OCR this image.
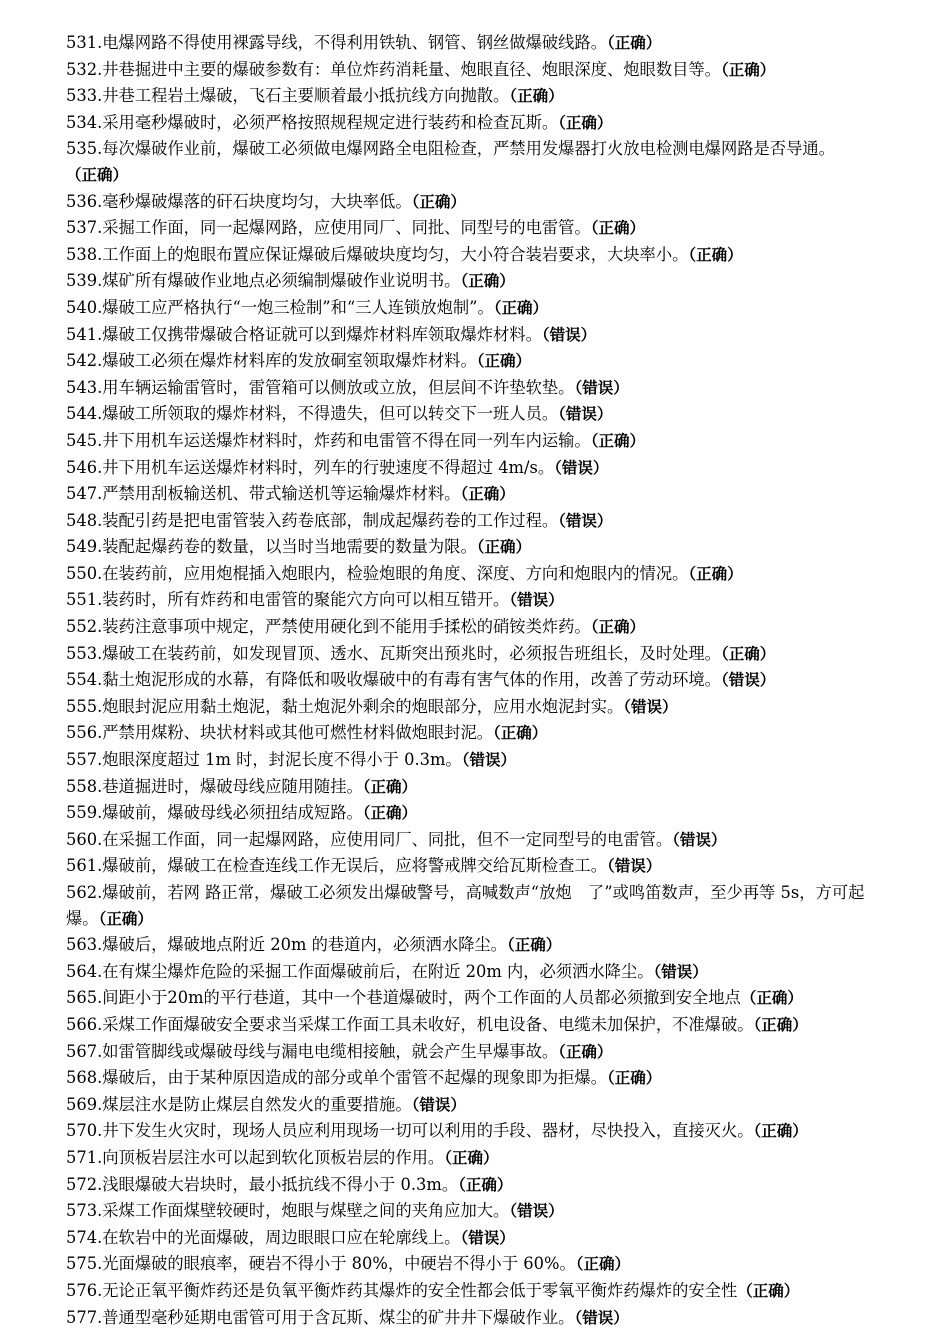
531.电爆网路不得使用裸露导线，不得利用铁轨、钢管、钢丝做爆破线路。（正确）
532.井巷掘进中主要的爆破参数有：单位炸药消耗量、炮眼直径、炮眼深度、炮眼数目等。（正确）
533.井巷工程岩土爆破，飞石主要顺着最小抵抗线方向抛散。（正确）
534.采用毫秒爆破时，必须严格按照规程规定进行装药和检查瓦斯。（正确）
535.每次爆破作业前，爆破工必须做电爆网路全电阻检查，严禁用发爆器打火放电检测电爆网路是否导通。（正确）
536.毫秒爆破爆落的矸石块度均匀，大块率低。（正确）
537.采掘工作面，同一起爆网路，应使用同厂、同批、同型号的电雷管。（正确）
538.工作面上的炮眼布置应保证爆破后爆破块度均匀，大小符合装岩要求，大块率小。（正确）
539.煤矿所有爆破作业地点必须编制爆破作业说明书。（正确）
540.爆破工应严格执行“一炮三检制”和“三人连锁放炮制”。（正确）
541.爆破工仅携带爆破合格证就可以到爆炸材料库领取爆炸材料。（错误）
542.爆破工必须在爆炸材料库的发放硐室领取爆炸材料。（正确）
543.用车辆运输雷管时，雷管箱可以侧放或立放，但层间不许垫软垫。（错误）
544.爆破工所领取的爆炸材料，不得遗失，但可以转交下一班人员。（错误）
545.井下用机车运送爆炸材料时，炸药和电雷管不得在同一列车内运输。（正确）
546.井下用机车运送爆炸材料时，列车的行驶速度不得超过 4m/s。（错误）
547.严禁用刮板输送机、带式输送机等运输爆炸材料。（正确）
548.装配引药是把电雷管装入药卷底部，制成起爆药卷的工作过程。（错误）
549.装配起爆药卷的数量，以当时当地需要的数量为限。（正确）
550.在装药前，应用炮棍插入炮眼内，检验炮眼的角度、深度、方向和炮眼内的情况。（正确）
551.装药时，所有炸药和电雷管的聚能穴方向可以相互错开。（错误）
552.装药注意事项中规定，严禁使用硬化到不能用手揉松的硝铵类炸药。（正确）
553.爆破工在装药前，如发现冒顶、透水、瓦斯突出预兆时，必须报告班组长，及时处理。（正确）
554.黏土炮泥形成的水幕，有降低和吸收爆破中的有毒有害气体的作用，改善了劳动环境。（错误）
555.炮眼封泥应用黏土炮泥，黏土炮泥外剩余的炮眼部分，应用水炮泥封实。（错误）
556.严禁用煤粉、块状材料或其他可燃性材料做炮眼封泥。（正确）
557.炮眼深度超过 1m 时，封泥长度不得小于 0.3m。（错误）
558.巷道掘进时，爆破母线应随用随挂。（正确）
559.爆破前，爆破母线必须扭结成短路。（正确）
560.在采掘工作面，同一起爆网路，应使用同厂、同批，但不一定同型号的电雷管。（错误）
561.爆破前，爆破工在检查连线工作无误后，应将警戒牌交给瓦斯检查工。（错误）
562.爆破前，若网 路正常，爆破工必须发出爆破警号，高喊数声“放炮　了”或鸣笛数声，至少再等 5s，方可起爆。（正确）
563.爆破后，爆破地点附近 20m 的巷道内，必须洒水降尘。（正确）
564.在有煤尘爆炸危险的采掘工作面爆破前后，在附近 20m 内，必须洒水降尘。（错误）
565.间距小于20m的平行巷道，其中一个巷道爆破时，两个工作面的人员都必须撤到安全地点（正确）
566.采煤工作面爆破安全要求当采煤工作面工具未收好，机电设备、电缆未加保护，不准爆破。（正确）
567.如雷管脚线或爆破母线与漏电电缆相接触，就会产生早爆事故。（正确）
568.爆破后，由于某种原因造成的部分或单个雷管不起爆的现象即为拒爆。（正确）
569.煤层注水是防止煤层自然发火的重要措施。（错误）
570.井下发生火灾时，现场人员应利用现场一切可以利用的手段、器材，尽快投入，直接灭火。（正确）
571.向顶板岩层注水可以起到软化顶板岩层的作用。（正确）
572.浅眼爆破大岩块时，最小抵抗线不得小于 0.3m。（正确）
573.采煤工作面煤壁较硬时，炮眼与煤壁之间的夹角应加大。（错误）
574.在软岩中的光面爆破，周边眼眼口应在轮廓线上。（错误）
575.光面爆破的眼痕率，硬岩不得小于 80%，中硬岩不得小于 60%。（正确）
576.无论正氧平衡炸药还是负氧平衡炸药其爆炸的安全性都会低于零氧平衡炸药爆炸的安全性（正确）
577.普通型毫秒延期电雷管可用于含瓦斯、煤尘的矿井井下爆破作业。（错误）
